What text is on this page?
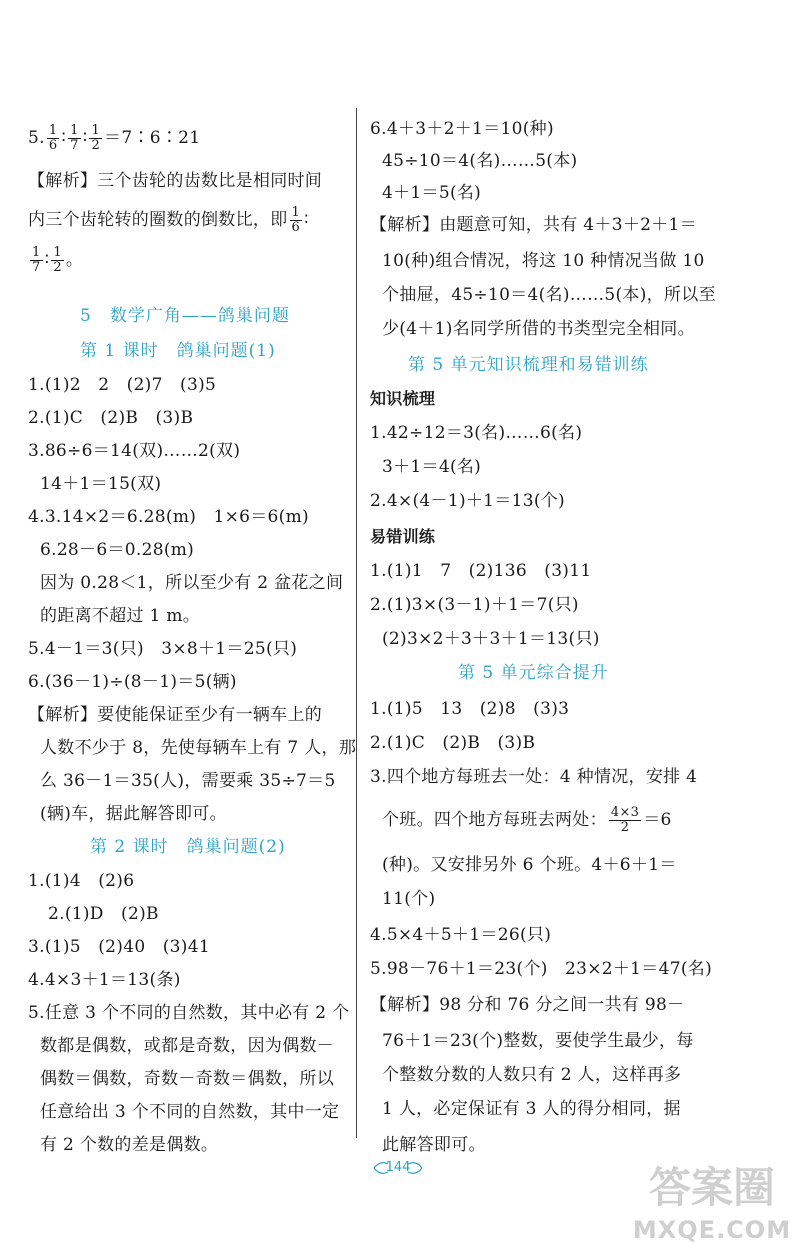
5. $\frac{1}{6}$ ∶ $\frac{1}{7}$ ∶ $\frac{1}{2}$ ＝7∶6∶21
【解析】三个齿轮的齿数比是相同时间
内三个齿轮转的圈数的倒数比，即 $\frac{1}{6}$ ∶
$\frac{1}{7}$ ∶ $\frac{1}{2}$ 。
5　数学广角——鸽巢问题
第 1 课时　鸽巢问题(1)
1.(1)2　2　(2)7　(3)5
2.(1)C　(2)B　(3)B
3.86÷6＝14(双)……2(双)
14＋1＝15(双)
4.3.14×2＝6.28(m)　1×6＝6(m)
6.28－6＝0.28(m)
因为 0.28＜1，所以至少有 2 盆花之间
的距离不超过 1 m。
5.4－1＝3(只)　3×8＋1＝25(只)
6.(36－1)÷(8－1)＝5(辆)
【解析】要使能保证至少有一辆车上的
人数不少于 8，先使每辆车上有 7 人，那
么 36－1＝35(人)，需要乘 35÷7＝5
(辆)车，据此解答即可。
第 2 课时　鸽巢问题(2)
1.(1)4　(2)6
2.(1)D　(2)B
3.(1)5　(2)40　(3)41
4.4×3＋1＝13(条)
5.任意 3 个不同的自然数，其中必有 2 个
数都是偶数，或都是奇数，因为偶数－
偶数＝偶数，奇数－奇数＝偶数，所以
任意给出 3 个不同的自然数，其中一定
有 2 个数的差是偶数。
6.4＋3＋2＋1＝10(种)
45÷10＝4(名)……5(本)
4＋1＝5(名)
【解析】由题意可知，共有 4＋3＋2＋1＝
10(种)组合情况，将这 10 种情况当做 10
个抽屉，45÷10＝4(名)……5(本)，所以至
少(4＋1)名同学所借的书类型完全相同。
第 5 单元知识梳理和易错训练
知识梳理
1.42÷12＝3(名)……6(名)
3＋1＝4(名)
2.4×(4－1)＋1＝13(个)
易错训练
1.(1)1　7　(2)136　(3)11
2.(1)3×(3－1)＋1＝7(只)
(2)3×2＋3＋3＋1＝13(只)
第 5 单元综合提升
1.(1)5　13　(2)8　(3)3
2.(1)C　(2)B　(3)B
3.四个地方每班去一处：4 种情况，安排 4
个班。四个地方每班去两处： $\frac{4\times 3}{2} =6$
(种)。又安排另外 6 个班。4＋6＋1＝
11(个)
4.5×4＋5＋1＝26(只)
5.98－76＋1＝23(个)　23×2＋1＝47(名)
【解析】98 分和 76 分之间一共有 98－
76＋1＝23(个)整数，要使学生最少，每
个整数分数的人数只有 2 人，这样再多
1 人，必定保证有 3 人的得分相同，据
此解答即可。
144	答案圈
MXQE.COM
